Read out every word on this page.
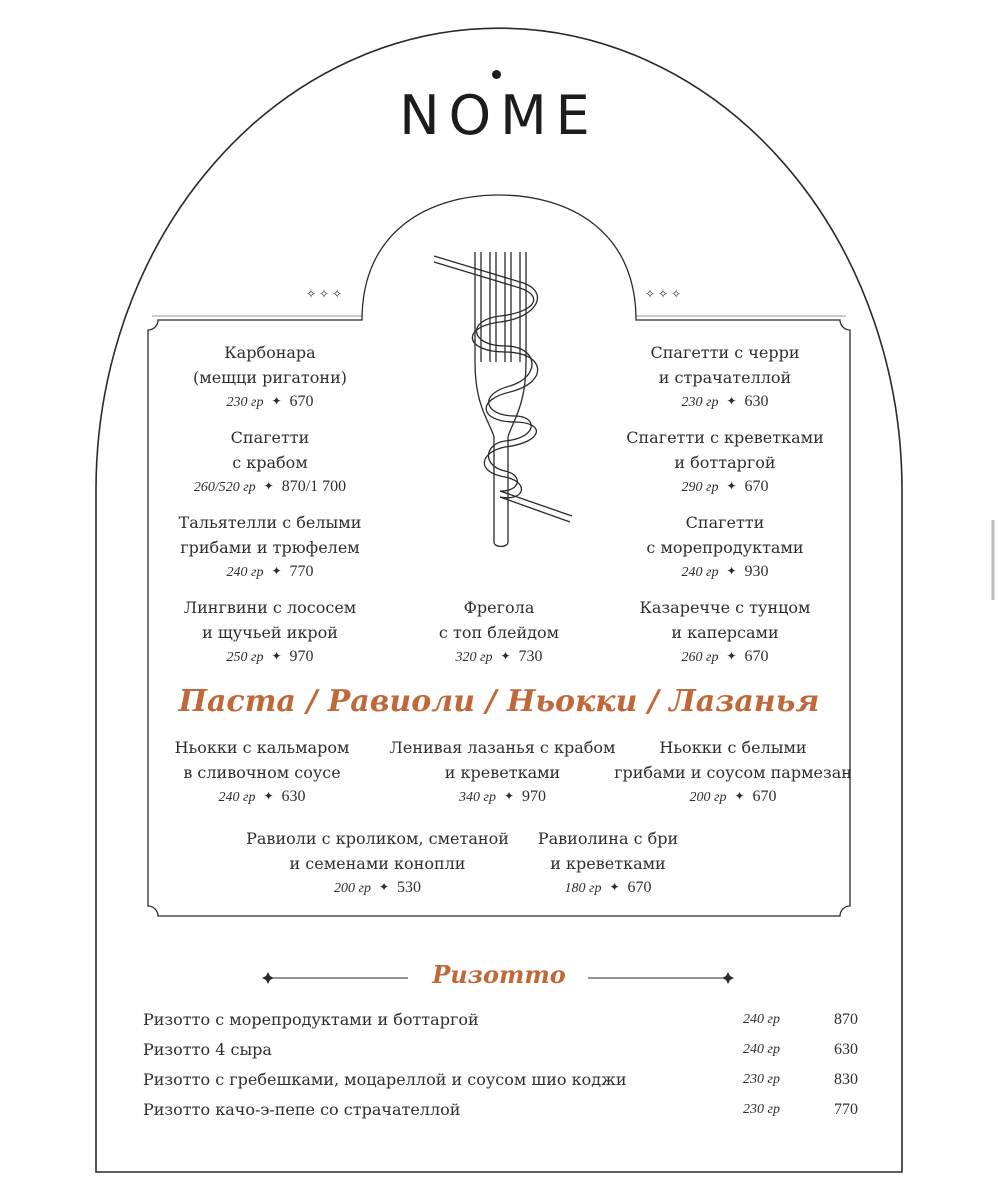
NOME
✧✧✧	✧✧✧
Карбонара
(мещци ригатони)
230 гр ✦ 670
Спагетти
с крабом
260/520 гр ✦ 870/1 700
Тальятелли с белыми
грибами и трюфелем
240 гр ✦ 770
Лингвини с лососем
и щучьей икрой
250 гр ✦ 970
Фрегола
с топ блейдом
320 гр ✦ 730
Спагетти с черри
и страчателлой
230 гр ✦ 630
Спагетти с креветками
и боттаргой
290 гр ✦ 670
Спагетти
с морепродуктами
240 гр ✦ 930
Казаречче с тунцом
и каперсами
260 гр ✦ 670
Паста / Равиоли / Ньокки / Лазанья
Ньокки с кальмаром
в сливочном соусе
240 гр ✦ 630
Ленивая лазанья с крабом
и креветками
340 гр ✦ 970
Ньокки с белыми
грибами и соусом пармезан
200 гр ✦ 670
Равиоли с кроликом, сметаной
и семенами конопли
200 гр ✦ 530
Равиолина с бри
и креветками
180 гр ✦ 670
Ризотто
Ризотто с морепродуктами и боттаргой	240 гр	870
Ризотто 4 сыра	240 гр	630
Ризотто с гребешками, моцареллой и соусом шио коджи	230 гр	830
Ризотто качо-э-пепе со страчателлой	230 гр	770
